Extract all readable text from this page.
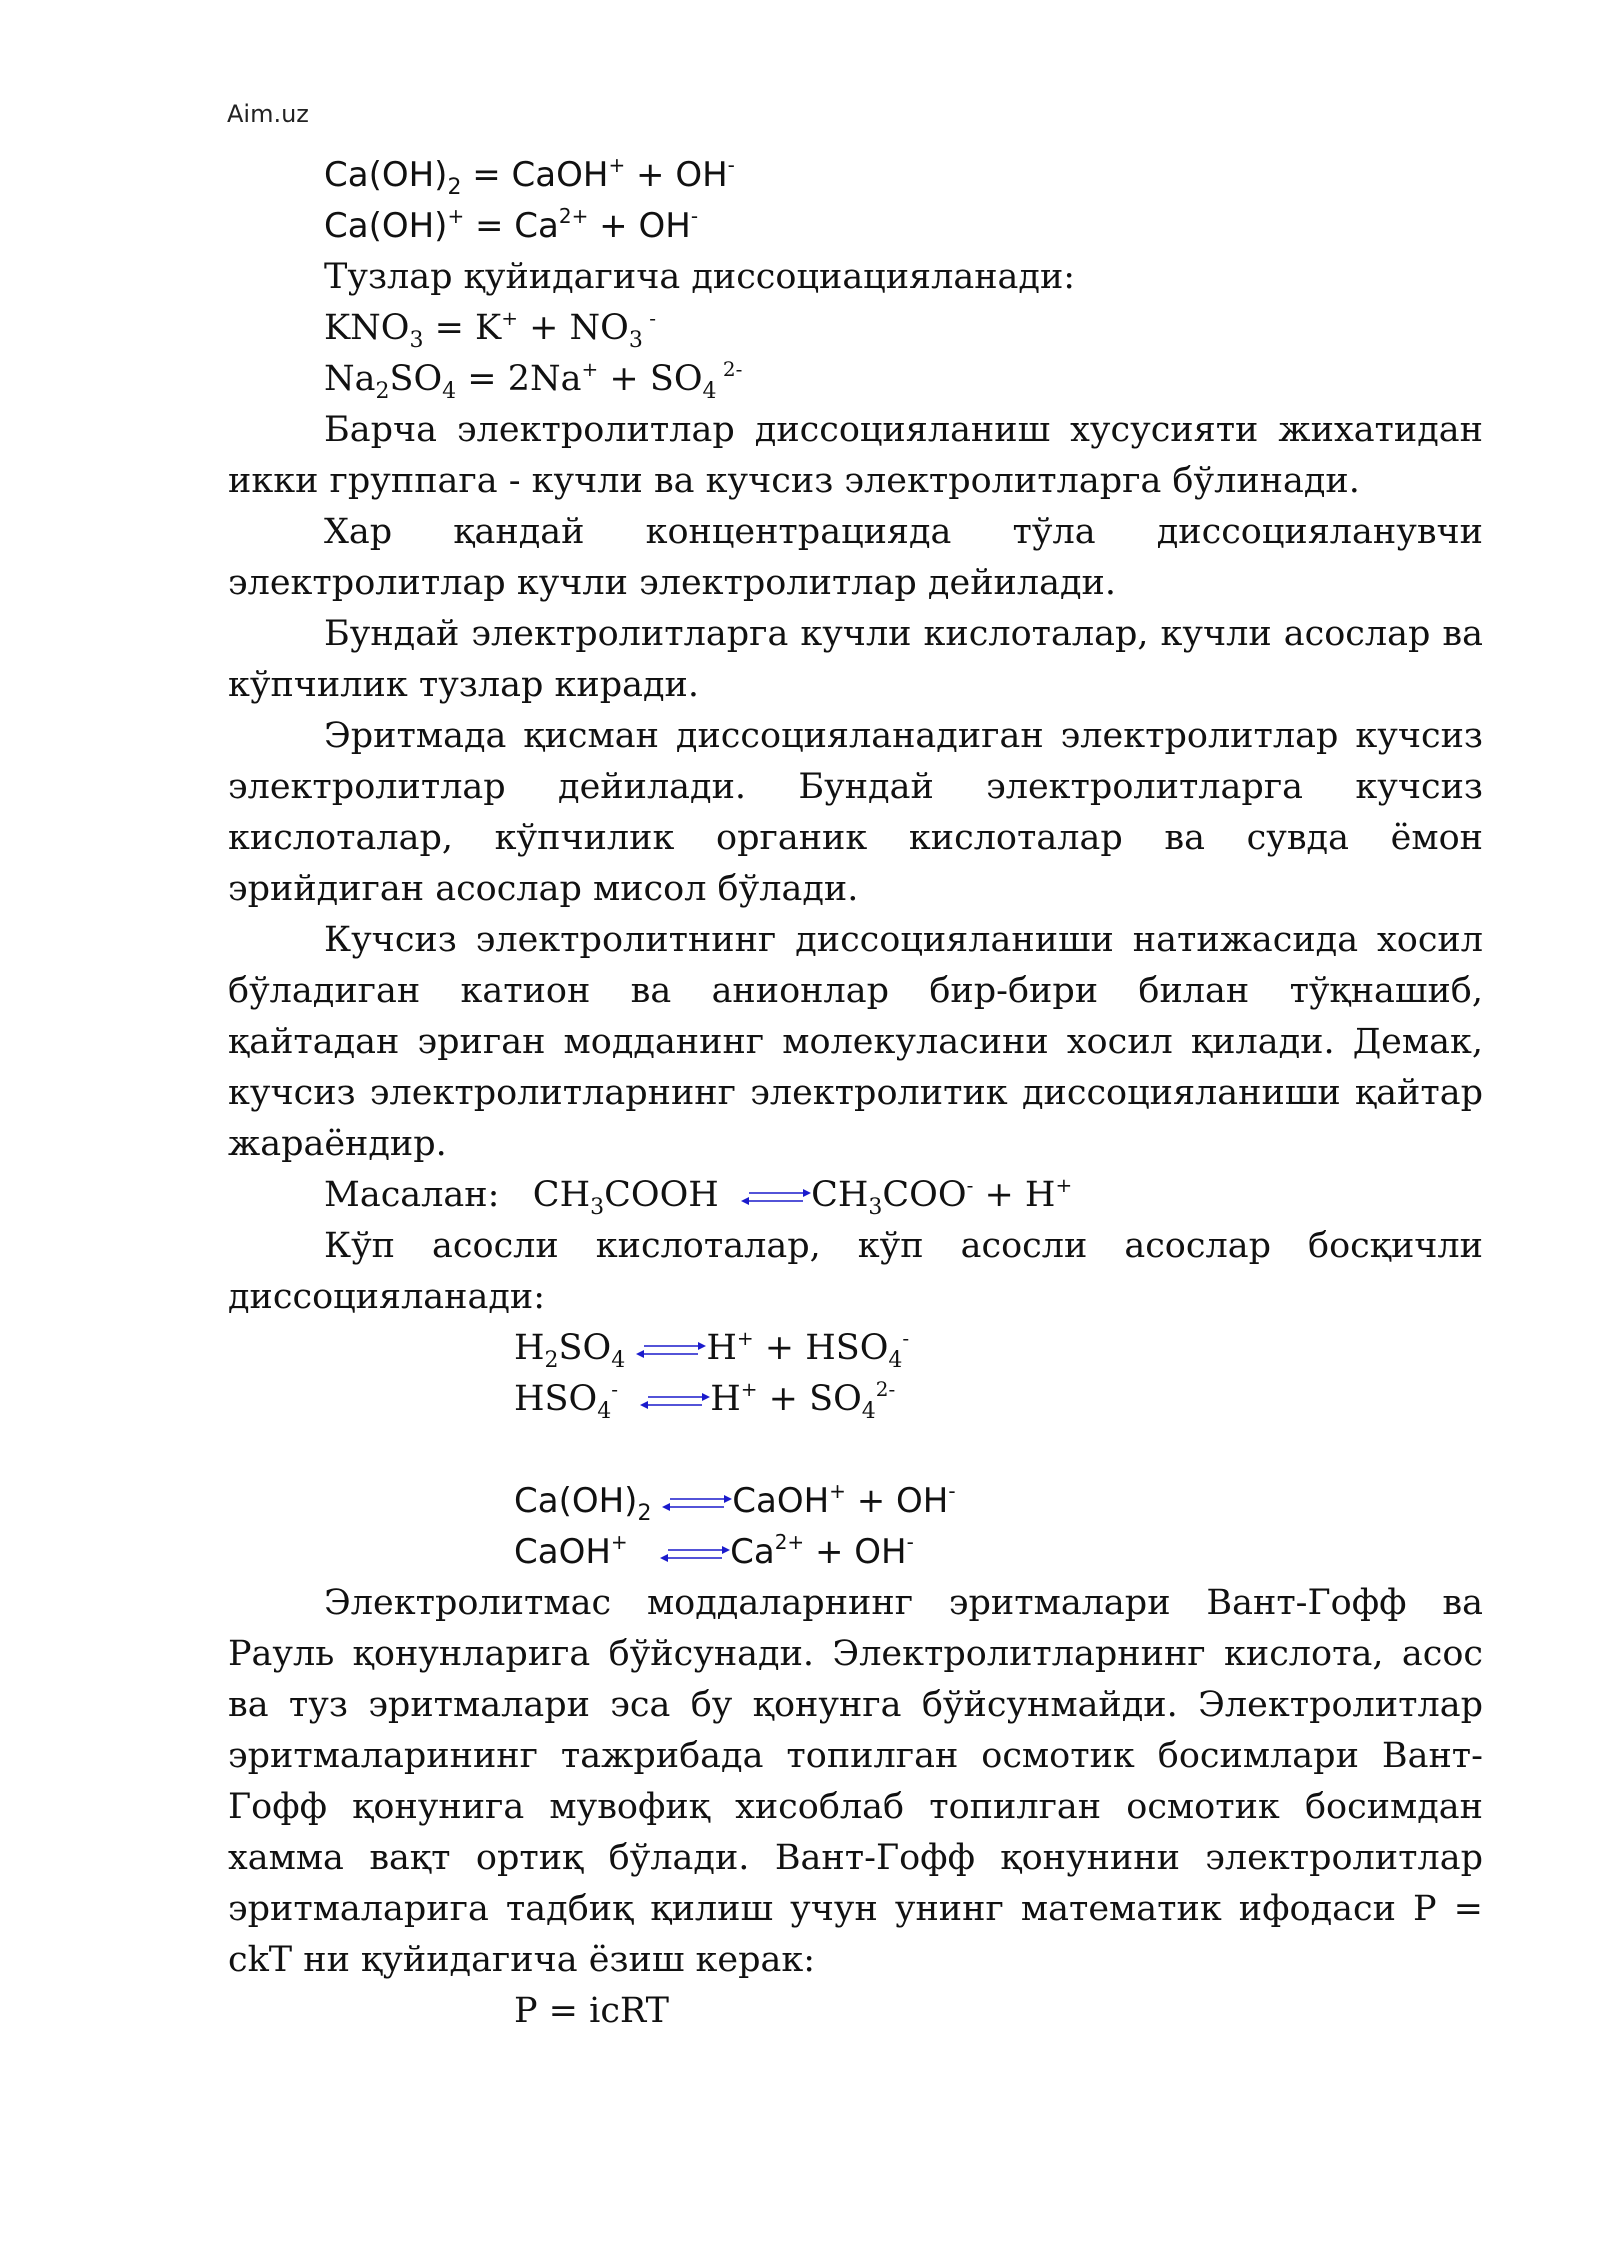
Aim.uz
$Ca(OH)_2$ = CaOH+ + OH-
$Ca(OH)^+ = Ca^{2+} + OH^-$
Тузлар қуйидагича диссоциацияланади:
$KNO_3 = K^+ + NO_3$ -
$Na_2SO_4 = 2Na^+ + SO_4$ $^{2-}$

Барча электролитлар диссоцияланиш хусусияти жихатидан икки группага - кучли ва кучсиз электролитларга бўлинади.

Хар қандай концентрацияда тўла диссоцияланувчи электролитлар кучли электролитлар дейилади.

Бундай электролитларга кучли кислоталар, кучли асослар ва кўпчилик тузлар киради.

Эритмада қисман диссоцияланадиган электролитлар кучсиз электролитлар дейилади. Бундай электролитларга кучсиз кислоталар, кўпчилик органик кислоталар ва сувда ёмон эрийдиган асослар мисол бўлади.

Кучсиз электролитнинг диссоцияланиши натижасида хосил бўладиган катион ва анионлар бир-бири билан тўқнашиб, қайтадан эриган модданинг молекуласини хосил қилади. Демак, кучсиз электролитларнинг электролитик диссоцияланиши қайтар жараёндир.

Масалан: $CH_3COOH$ $\rightleftharpoons CH_3COO^- + H^+$

Кўп асосли кислоталар, кўп асосли асослар босқичли диссоцияланади:

$H_2SO_4$ ⇌H+ + $HSO_4^-$
$HSO_4^-$ ⇌H+ + $SO_4^{2-}$
$Ca(OH)_2$ ⇌CaOH+ + OH-
CaOH+ $\rightleftharpoons Ca^{2+} + OH^-$

Электролитмас моддаларнинг эритмалари Вант-Гофф ва Рауль қонунларига бўйсунади. Электролитларнинг кислота, асос ва туз эритмалари эса бу қонунга бўйсунмайди. Электролитлар эритмаларининг тажрибада топилган осмотик босимлари Вант-Гофф қонунига мувофиқ хисоблаб топилган осмотик босимдан хамма вақт ортиқ бўлади. Вант-Гофф қонунини электролитлар эритмаларига тадбиқ қилиш учун унинг математик ифодаси P = ckT ни қуйидагича ёзиш керак:

P = icRT
